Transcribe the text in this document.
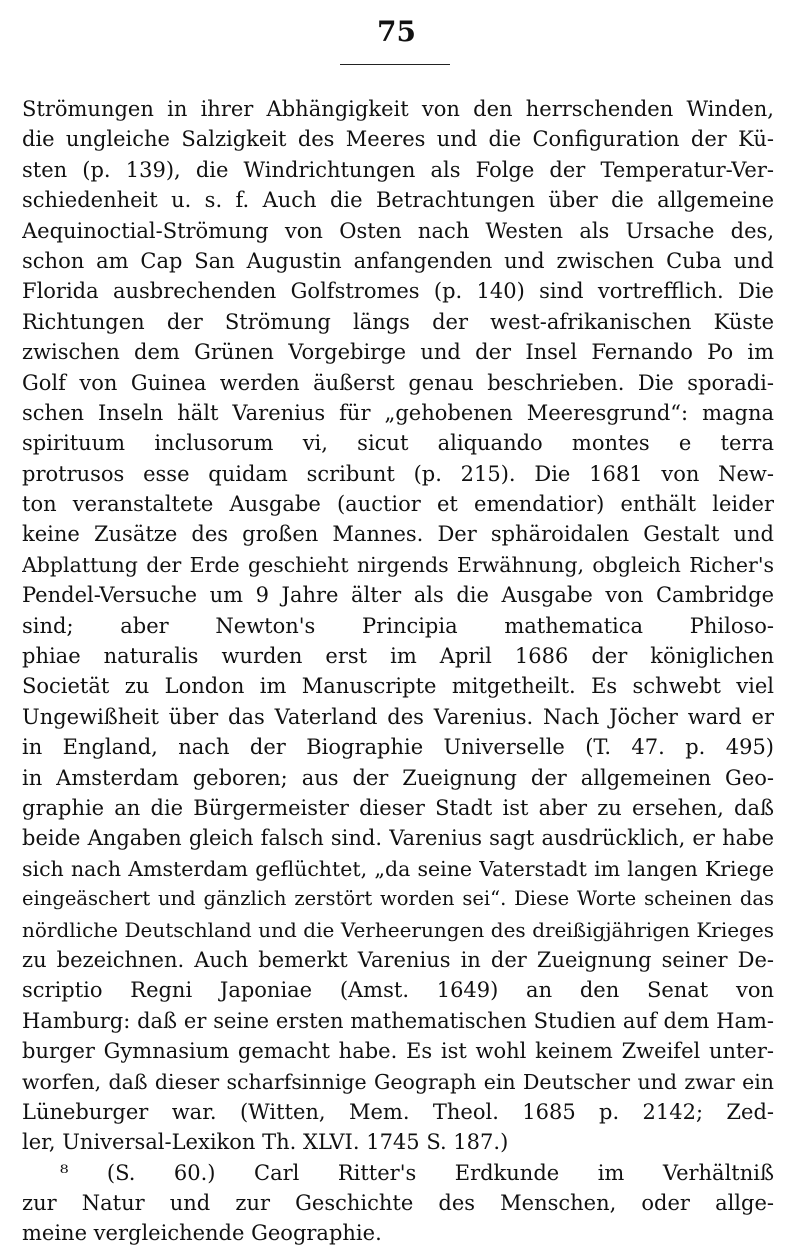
75
Strömungen in ihrer Abhängigkeit von den herrschenden Winden,
die ungleiche Salzigkeit des Meeres und die Configuration der Kü-
sten (p. 139), die Windrichtungen als Folge der Temperatur-Ver-
schiedenheit u. s. f. Auch die Betrachtungen über die allgemeine
Aequinoctial-Strömung von Osten nach Westen als Ursache des,
schon am Cap San Augustin anfangenden und zwischen Cuba und
Florida ausbrechenden Golfstromes (p. 140) sind vortrefflich. Die
Richtungen der Strömung längs der west-afrikanischen Küste
zwischen dem Grünen Vorgebirge und der Insel Fernando Po im
Golf von Guinea werden äußerst genau beschrieben. Die sporadi-
schen Inseln hält Varenius für „gehobenen Meeresgrund“: magna
spirituum inclusorum vi, sicut aliquando montes e terra
protrusos esse quidam scribunt (p. 215). Die 1681 von New-
ton veranstaltete Ausgabe (auctior et emendatior) enthält leider
keine Zusätze des großen Mannes. Der sphäroidalen Gestalt und
Abplattung der Erde geschieht nirgends Erwähnung, obgleich Richer's
Pendel-Versuche um 9 Jahre älter als die Ausgabe von Cambridge
sind; aber Newton's Principia mathematica Philoso-
phiae naturalis wurden erst im April 1686 der königlichen
Societät zu London im Manuscripte mitgetheilt. Es schwebt viel
Ungewißheit über das Vaterland des Varenius. Nach Jöcher ward er
in England, nach der Biographie Universelle (T. 47. p. 495)
in Amsterdam geboren; aus der Zueignung der allgemeinen Geo-
graphie an die Bürgermeister dieser Stadt ist aber zu ersehen, daß
beide Angaben gleich falsch sind. Varenius sagt ausdrücklich, er habe
sich nach Amsterdam geflüchtet, „da seine Vaterstadt im langen Kriege
eingeäschert und gänzlich zerstört worden sei“. Diese Worte scheinen das
nördliche Deutschland und die Verheerungen des dreißigjährigen Krieges
zu bezeichnen. Auch bemerkt Varenius in der Zueignung seiner De-
scriptio Regni Japoniae (Amst. 1649) an den Senat von
Hamburg: daß er seine ersten mathematischen Studien auf dem Ham-
burger Gymnasium gemacht habe. Es ist wohl keinem Zweifel unter-
worfen, daß dieser scharfsinnige Geograph ein Deutscher und zwar ein
Lüneburger war. (Witten, Mem. Theol. 1685 p. 2142; Zed-
ler, Universal-Lexikon Th. XLVI. 1745 S. 187.)
⁸ (S. 60.) Carl Ritter's Erdkunde im Verhältniß
zur Natur und zur Geschichte des Menschen, oder allge-
meine vergleichende Geographie.
